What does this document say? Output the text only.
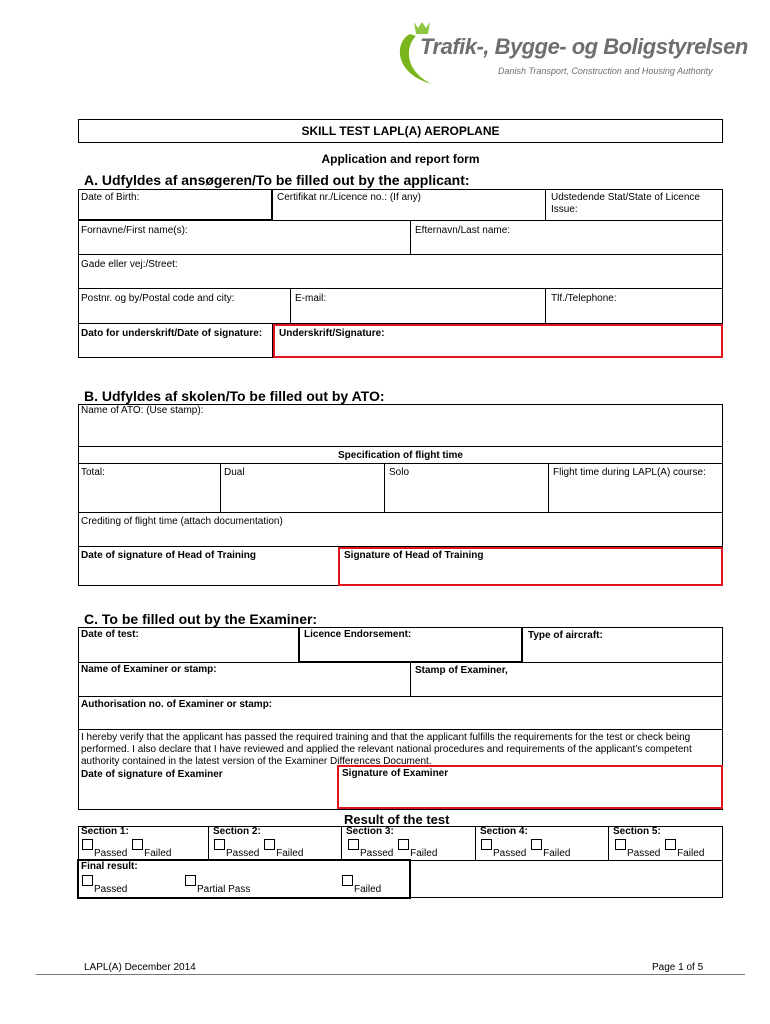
Trafik-, Bygge- og Boligstyrelsen
Danish Transport, Construction and Housing Authority
SKILL TEST LAPL(A) AEROPLANE
Application and report form
A. Udfyldes af ansøgeren/To be filled out by the applicant:
Date of Birth:	Certifikat nr./Licence no.: (If any)	Udstedende Stat/State of Licence Issue:
Fornavne/First name(s):	Efternavn/Last name:
Gade eller vej:/Street:
Postnr. og by/Postal code and city:	E-mail:	Tlf./Telephone:
Dato for underskrift/Date of signature: Underskrift/Signature:
B. Udfyldes af skolen/To be filled out by ATO:
Name of ATO: (Use stamp):
Specification of flight time
Total:	Dual	Solo	Flight time during LAPL(A) course:
Crediting of flight time (attach documentation)
Date of signature of Head of Training	Signature of Head of Training
C. To be filled out by the Examiner:
Date of test:	Licence Endorsement:	Type of aircraft:
Name of Examiner or stamp:	Stamp of Examiner,
Authorisation no. of Examiner or stamp:
I hereby verify that the applicant has passed the required training and that the applicant fulfills the requirements for the test or check being performed. I also declare that I have reviewed and applied the relevant national procedures and requirements of the applicant’s competent authority contained in the latest version of the Examiner Differences Document.
Date of signature of Examiner	Signature of Examiner
Result of the test
Section 1:
Passed Failed
Section 2:
Passed Failed
Section 3:
Passed Failed
Section 4:
Passed Failed
Section 5:
Passed Failed
Final result:
Passed	Partial Pass	Failed
LAPL(A) December 2014	Page 1 of 5
